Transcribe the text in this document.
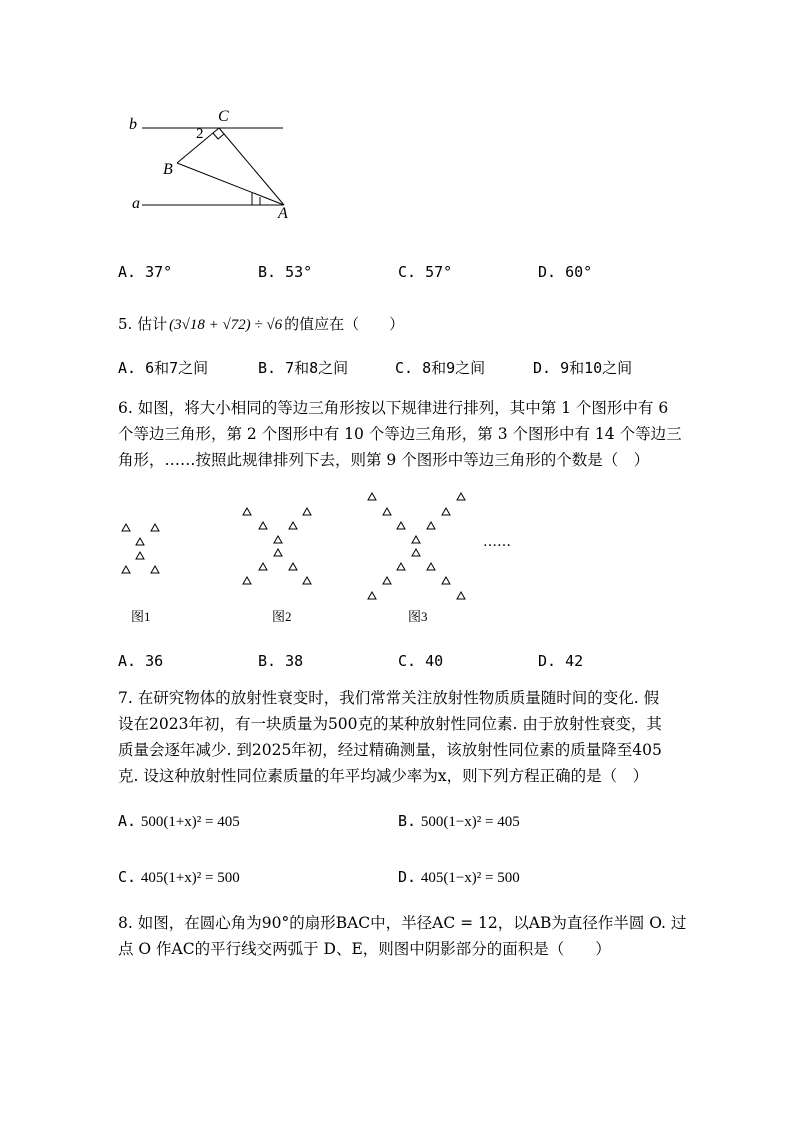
b
a
C
B
A
2
A. 37°	B. 53°	C. 57°	D. 60°
5. 估计 (3√18 + √72) ÷ √6 的值应在（　　）
A. 6和7之间	B. 7和8之间	C. 8和9之间	D. 9和10之间
6. 如图，将大小相同的等边三角形按以下规律进行排列，其中第 1 个图形中有 6
个等边三角形，第 2 个图形中有 10 个等边三角形，第 3 个图形中有 14 个等边三
角形，……按照此规律排列下去，则第 9 个图形中等边三角形的个数是（　）
……
图1	图2	图3
A. 36	B. 38	C. 40	D. 42
7. 在研究物体的放射性衰变时，我们常常关注放射性物质质量随时间的变化. 假
设在2023年初，有一块质量为500克的某种放射性同位素. 由于放射性衰变，其
质量会逐年减少. 到2025年初，经过精确测量，该放射性同位素的质量降至405
克. 设这种放射性同位素质量的年平均减少率为x，则下列方程正确的是（　）
A. 500(1+x)² = 405	B. 500(1−x)² = 405
C. 405(1+x)² = 500	D. 405(1−x)² = 500
8. 如图，在圆心角为90°的扇形BAC中，半径AC = 12，以AB为直径作半圆 O. 过
点 O 作AC的平行线交两弧于 D、E，则图中阴影部分的面积是（　　）
